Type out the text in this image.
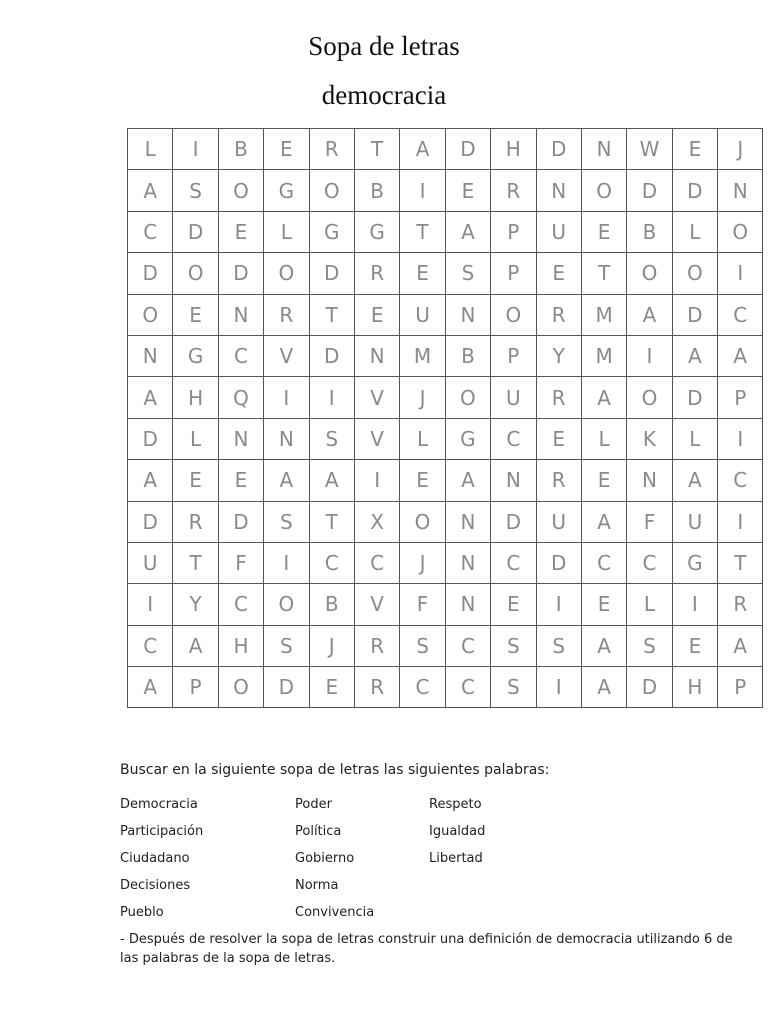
Sopa de letras
democracia
L	I	B	E	R	T	A	D	H	D	N	W	E	J
A	S	O	G	O	B	I	E	R	N	O	D	D	N
C	D	E	L	G	G	T	A	P	U	E	B	L	O
D	O	D	O	D	R	E	S	P	E	T	O	O	I
O	E	N	R	T	E	U	N	O	R	M	A	D	C
N	G	C	V	D	N	M	B	P	Y	M	I	A	A
A	H	Q	I	I	V	J	O	U	R	A	O	D	P
D	L	N	N	S	V	L	G	C	E	L	K	L	I
A	E	E	A	A	I	E	A	N	R	E	N	A	C
D	R	D	S	T	X	O	N	D	U	A	F	U	I
U	T	F	I	C	C	J	N	C	D	C	C	G	T
I	Y	C	O	B	V	F	N	E	I	E	L	I	R
C	A	H	S	J	R	S	C	S	S	A	S	E	A
A	P	O	D	E	R	C	C	S	I	A	D	H	P
Buscar en la siguiente sopa de letras las siguientes palabras:
Democracia
Participación
Ciudadano
Decisiones
Pueblo
Poder
Política
Gobierno
Norma
Convivencia
Respeto
Igualdad
Libertad
- Después de resolver la sopa de letras construir una definición de democracia utilizando 6 de las palabras de la sopa de letras.
